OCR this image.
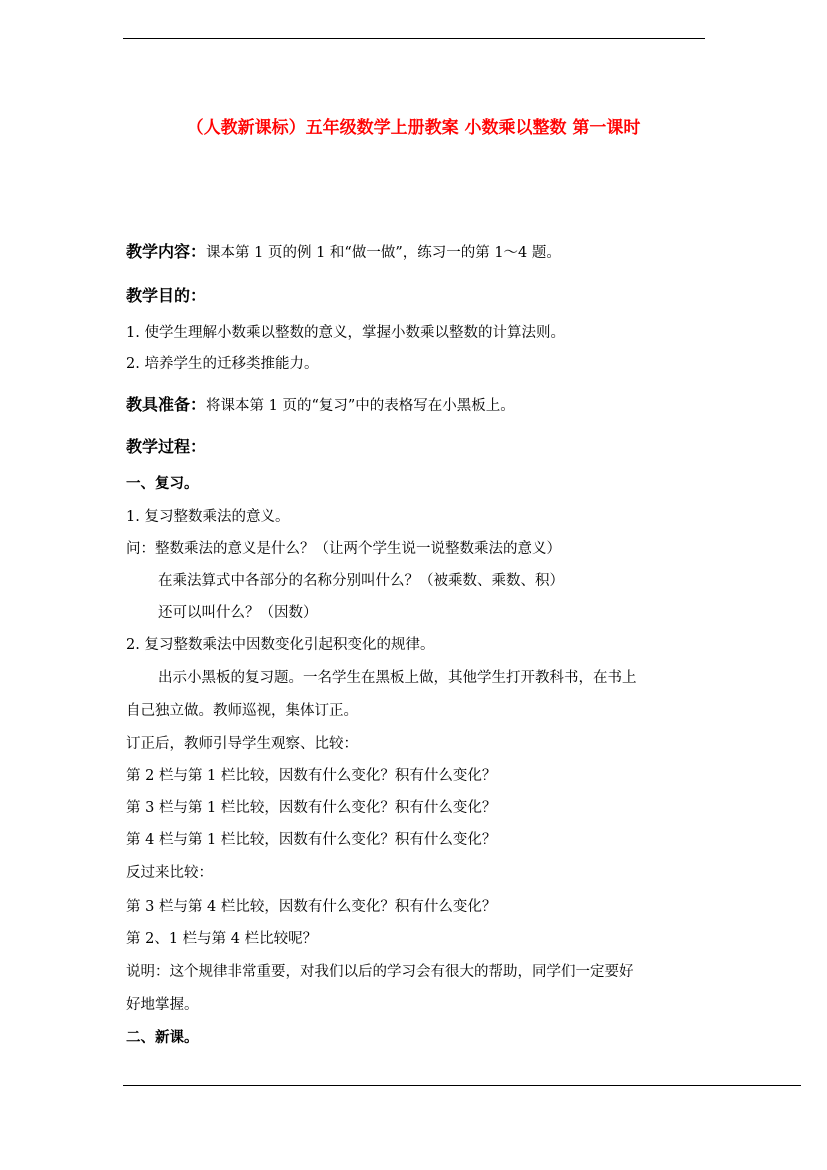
（人教新课标）五年级数学上册教案 小数乘以整数 第一课时
教学内容：课本第 1 页的例 1 和“做一做”，练习一的第 1～4 题。
教学目的：
1. 使学生理解小数乘以整数的意义，掌握小数乘以整数的计算法则。
2. 培养学生的迁移类推能力。
教具准备：将课本第 1 页的“复习”中的表格写在小黑板上。
教学过程：
一、复习。
1. 复习整数乘法的意义。
问：整数乘法的意义是什么？（让两个学生说一说整数乘法的意义）
在乘法算式中各部分的名称分别叫什么？（被乘数、乘数、积）
还可以叫什么？（因数）
2. 复习整数乘法中因数变化引起积变化的规律。
出示小黑板的复习题。一名学生在黑板上做，其他学生打开教科书，在书上
自己独立做。教师巡视，集体订正。
订正后，教师引导学生观察、比较：
第 2 栏与第 1 栏比较，因数有什么变化？积有什么变化？
第 3 栏与第 1 栏比较，因数有什么变化？积有什么变化？
第 4 栏与第 1 栏比较，因数有什么变化？积有什么变化？
反过来比较：
第 3 栏与第 4 栏比较，因数有什么变化？积有什么变化？
第 2、1 栏与第 4 栏比较呢？
说明：这个规律非常重要，对我们以后的学习会有很大的帮助，同学们一定要好
好地掌握。
二、新课。
